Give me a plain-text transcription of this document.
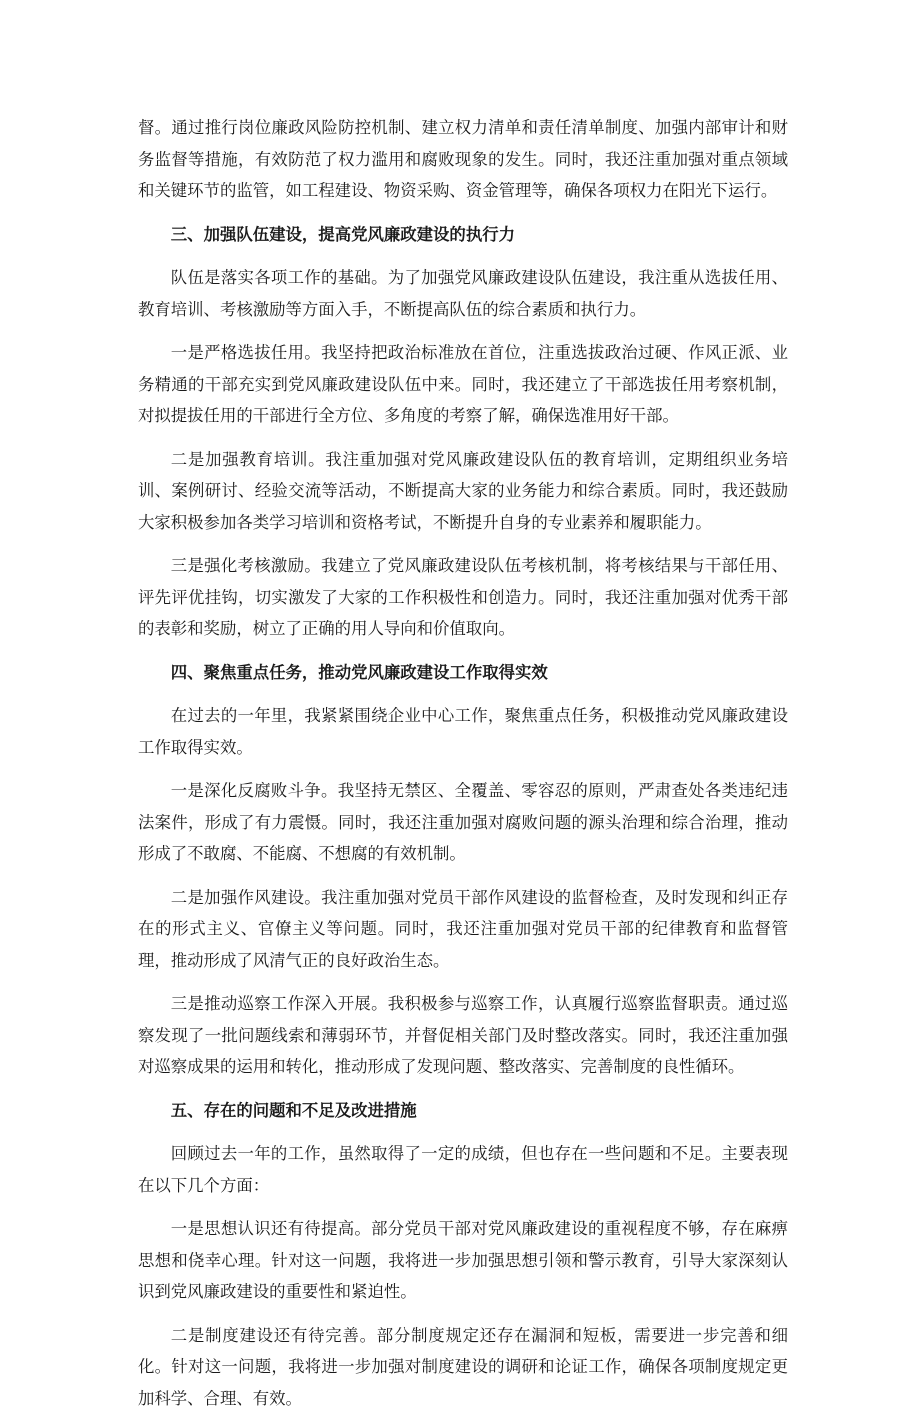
督。通过推行岗位廉政风险防控机制、建立权力清单和责任清单制度、加强内部审计和财务监督等措施，有效防范了权力滥用和腐败现象的发生。同时，我还注重加强对重点领域和关键环节的监管，如工程建设、物资采购、资金管理等，确保各项权力在阳光下运行。

三、加强队伍建设，提高党风廉政建设的执行力

队伍是落实各项工作的基础。为了加强党风廉政建设队伍建设，我注重从选拔任用、教育培训、考核激励等方面入手，不断提高队伍的综合素质和执行力。

一是严格选拔任用。我坚持把政治标准放在首位，注重选拔政治过硬、作风正派、业务精通的干部充实到党风廉政建设队伍中来。同时，我还建立了干部选拔任用考察机制，对拟提拔任用的干部进行全方位、多角度的考察了解，确保选准用好干部。

二是加强教育培训。我注重加强对党风廉政建设队伍的教育培训，定期组织业务培训、案例研讨、经验交流等活动，不断提高大家的业务能力和综合素质。同时，我还鼓励大家积极参加各类学习培训和资格考试，不断提升自身的专业素养和履职能力。

三是强化考核激励。我建立了党风廉政建设队伍考核机制，将考核结果与干部任用、评先评优挂钩，切实激发了大家的工作积极性和创造力。同时，我还注重加强对优秀干部的表彰和奖励，树立了正确的用人导向和价值取向。

四、聚焦重点任务，推动党风廉政建设工作取得实效

在过去的一年里，我紧紧围绕企业中心工作，聚焦重点任务，积极推动党风廉政建设工作取得实效。

一是深化反腐败斗争。我坚持无禁区、全覆盖、零容忍的原则，严肃查处各类违纪违法案件，形成了有力震慑。同时，我还注重加强对腐败问题的源头治理和综合治理，推动形成了不敢腐、不能腐、不想腐的有效机制。

二是加强作风建设。我注重加强对党员干部作风建设的监督检查，及时发现和纠正存在的形式主义、官僚主义等问题。同时，我还注重加强对党员干部的纪律教育和监督管理，推动形成了风清气正的良好政治生态。

三是推动巡察工作深入开展。我积极参与巡察工作，认真履行巡察监督职责。通过巡察发现了一批问题线索和薄弱环节，并督促相关部门及时整改落实。同时，我还注重加强对巡察成果的运用和转化，推动形成了发现问题、整改落实、完善制度的良性循环。

五、存在的问题和不足及改进措施

回顾过去一年的工作，虽然取得了一定的成绩，但也存在一些问题和不足。主要表现在以下几个方面：

一是思想认识还有待提高。部分党员干部对党风廉政建设的重视程度不够，存在麻痹思想和侥幸心理。针对这一问题，我将进一步加强思想引领和警示教育，引导大家深刻认识到党风廉政建设的重要性和紧迫性。

二是制度建设还有待完善。部分制度规定还存在漏洞和短板，需要进一步完善和细化。针对这一问题，我将进一步加强对制度建设的调研和论证工作，确保各项制度规定更加科学、合理、有效。
